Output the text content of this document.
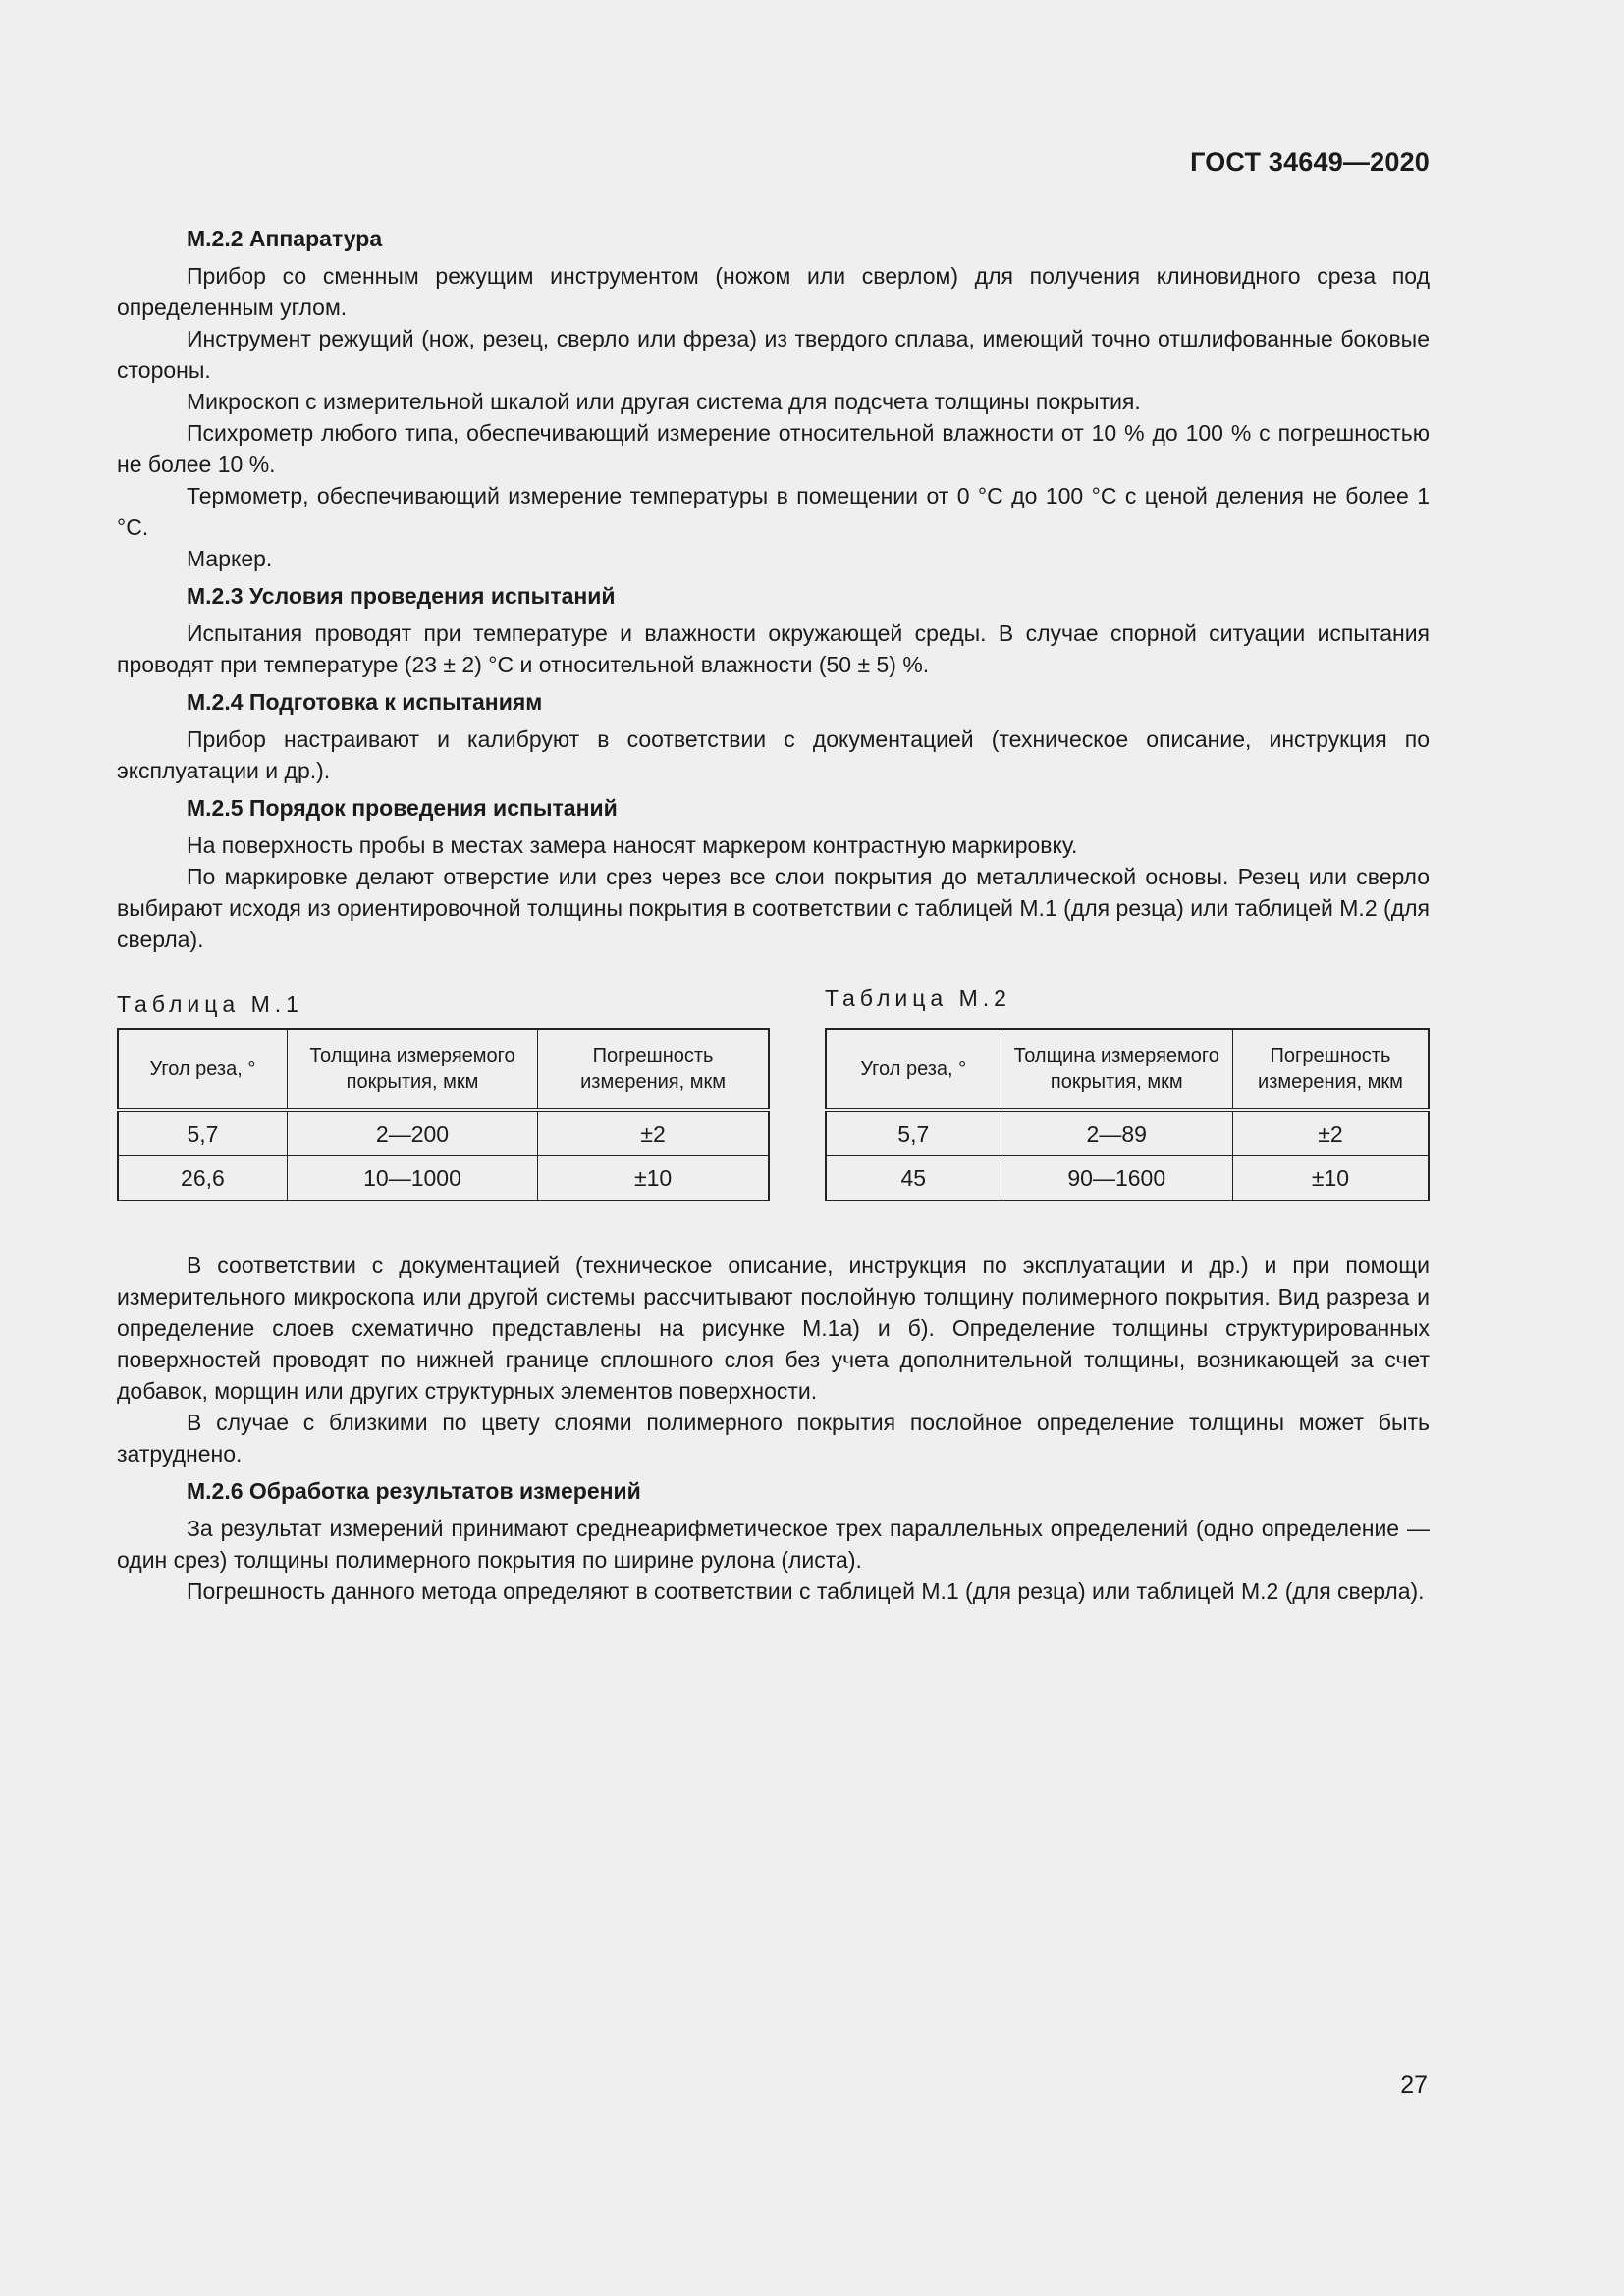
ГОСТ 34649—2020

М.2.2 Аппаратура

Прибор со сменным режущим инструментом (ножом или сверлом) для получения клиновидного среза под определенным углом.

Инструмент режущий (нож, резец, сверло или фреза) из твердого сплава, имеющий точно отшлифованные боковые стороны.

Микроскоп с измерительной шкалой или другая система для подсчета толщины покрытия.

Психрометр любого типа, обеспечивающий измерение относительной влажности от 10 % до 100 % с погрешностью не более 10 %.

Термометр, обеспечивающий измерение температуры в помещении от 0 °С до 100 °С с ценой деления не более 1 °С.

Маркер.

М.2.3 Условия проведения испытаний

Испытания проводят при температуре и влажности окружающей среды. В случае спорной ситуации испытания проводят при температуре (23 ± 2) °С и относительной влажности (50 ± 5) %.

М.2.4 Подготовка к испытаниям

Прибор настраивают и калибруют в соответствии с документацией (техническое описание, инструкция по эксплуатации и др.).

М.2.5 Порядок проведения испытаний

На поверхность пробы в местах замера наносят маркером контрастную маркировку.

По маркировке делают отверстие или срез через все слои покрытия до металлической основы. Резец или сверло выбирают исходя из ориентировочной толщины покрытия в соответствии с таблицей М.1 (для резца) или таблицей М.2 (для сверла).

Таблица М.1
Угол реза, °	Толщина измеряемого покрытия, мкм	Погрешность измерения, мкм
5,7	2—200	±2
26,6	10—1000	±10
Таблица М.2
Угол реза, °	Толщина измеряемого покрытия, мкм	Погрешность измерения, мкм
5,7	2—89	±2
45	90—1600	±10

В соответствии с документацией (техническое описание, инструкция по эксплуатации и др.) и при помощи измерительного микроскопа или другой системы рассчитывают послойную толщину полимерного покрытия. Вид разреза и определение слоев схематично представлены на рисунке М.1а) и б). Определение толщины структурированных поверхностей проводят по нижней границе сплошного слоя без учета дополнительной толщины, возникающей за счет добавок, морщин или других структурных элементов поверхности.

В случае с близкими по цвету слоями полимерного покрытия послойное определение толщины может быть затруднено.

М.2.6 Обработка результатов измерений

За результат измерений принимают среднеарифметическое трех параллельных определений (одно определение — один срез) толщины полимерного покрытия по ширине рулона (листа).

Погрешность данного метода определяют в соответствии с таблицей М.1 (для резца) или таблицей М.2 (для сверла).

27
